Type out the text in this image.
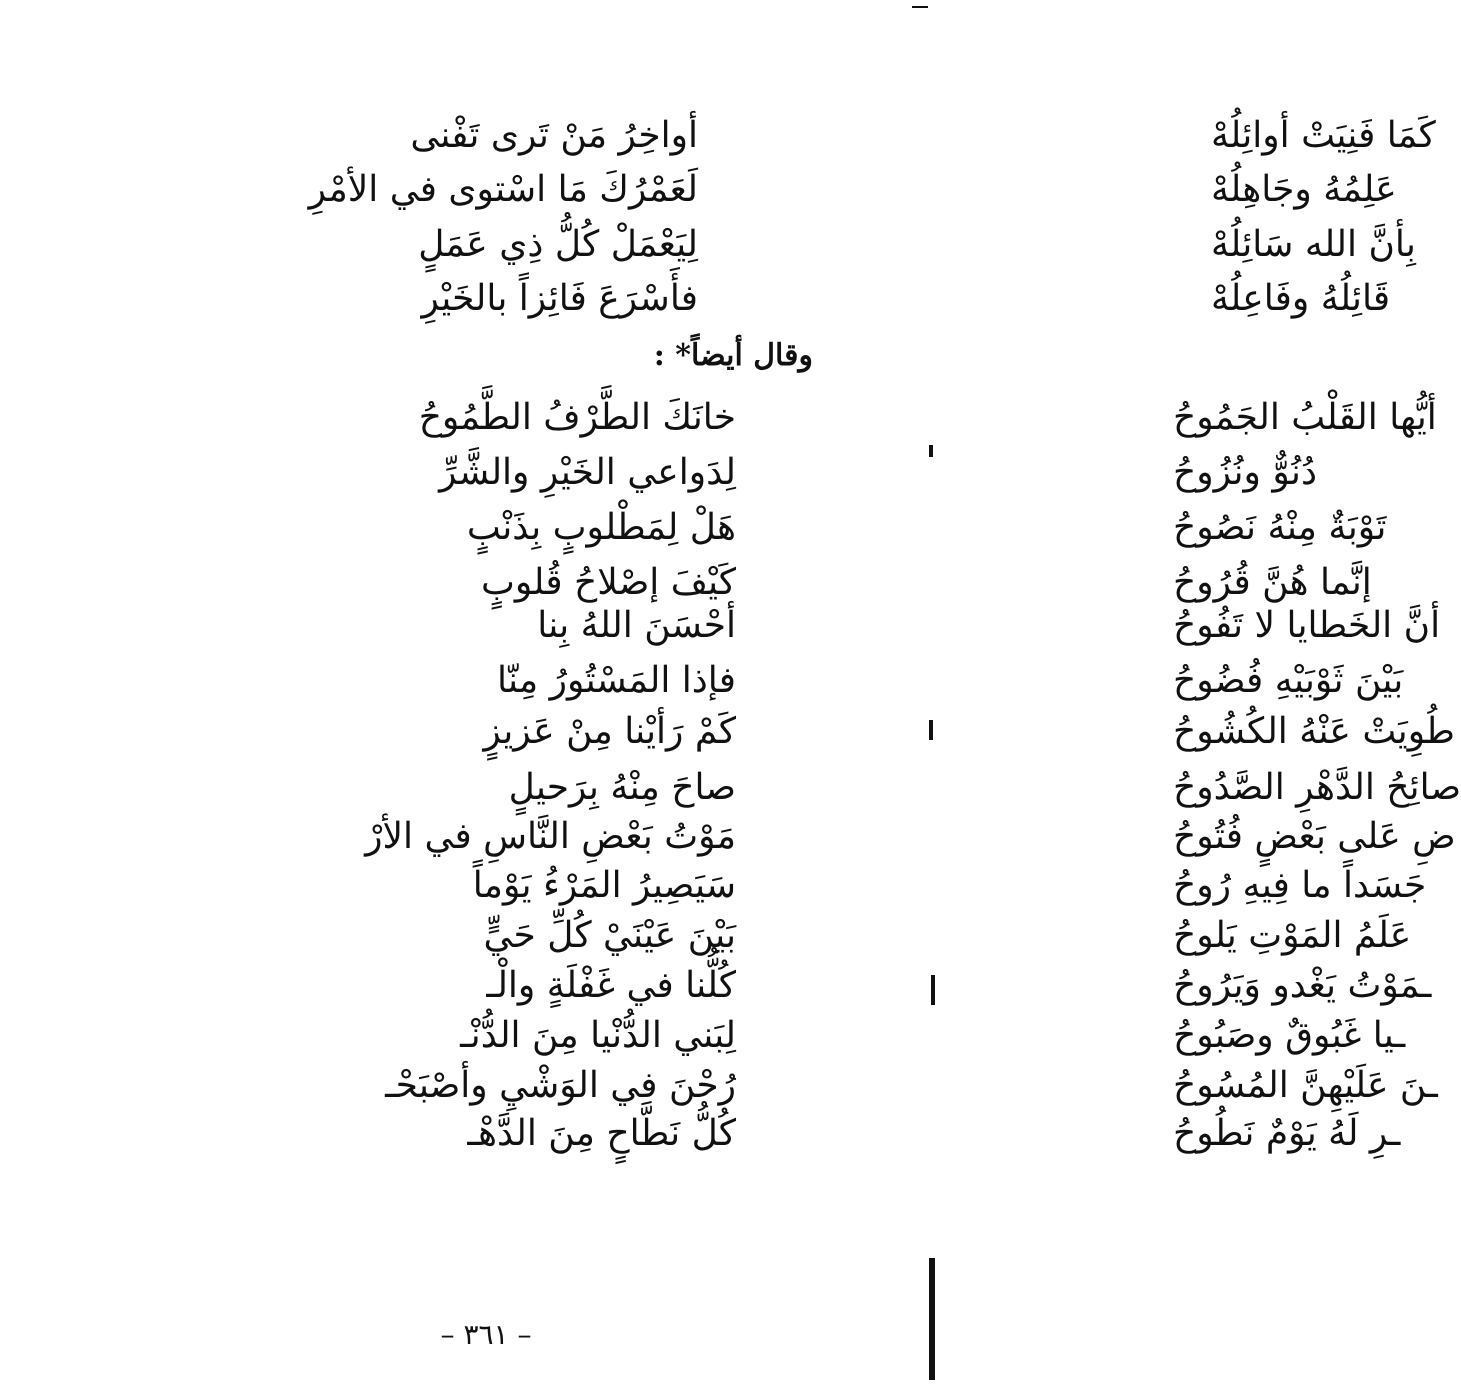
أواخِرُ مَنْ تَرى تَفْنى	كَمَا فَنِيَتْ أوائِلُهْ
لَعَمْرُكَ مَا اسْتوى في الأمْرِ	عَلِمُهُ وجَاهِلُهْ
لِيَعْمَلْ كُلُّ ذِي عَمَلٍ	بِأنَّ الله سَائِلُهْ
فأَسْرَعَ فَائِزاً بالخَيْرِ	قَائِلُهُ وفَاعِلُهْ
وقال أيضاً* :
خانَكَ الطَّرْفُ الطَّمُوحُ	أيُّها القَلْبُ الجَمُوحُ
لِدَواعي الخَيْرِ والشَّرِّ	دُنُوٌّ ونُزُوحُ
هَلْ لِمَطْلوبٍ بِذَنْبٍ	تَوْبَةٌ مِنْهُ نَصُوحُ
كَيْفَ إصْلاحُ قُلوبٍ	إنَّما هُنَّ قُرُوحُ
أحْسَنَ اللهُ بِنا	أنَّ الخَطايا لا تَفُوحُ
فإذا المَسْتُورُ مِنّا	بَيْنَ ثَوْبَيْهِ فُضُوحُ
كَمْ رَأيْنا مِنْ عَزيزٍ	طُوِيَتْ عَنْهُ الكُشُوحُ
صاحَ مِنْهُ بِرَحيلٍ	صائِحُ الدَّهْرِ الصَّدُوحُ
مَوْتُ بَعْضِ النَّاسِ في الأرْ	ضِ عَلى بَعْضٍ فُتُوحُ
سَيَصِيرُ المَرْءُ يَوْماً	جَسَداً ما فِيهِ رُوحُ
بَيْنَ عَيْنَيْ كُلِّ حَيٍّ	عَلَمُ المَوْتِ يَلوحُ
كُلُّنا في غَفْلَةٍ والْـ	ـمَوْتُ يَغْدو وَيَرُوحُ
لِبَني الدُّنْيا مِنَ الدُّنْـ	ـيا غَبُوقٌ وصَبُوحُ
رُحْنَ في الوَشْيِ وأصْبَحْـ	ـنَ عَلَيْهِنَّ المُسُوحُ
كُلُّ نَطَّاحٍ مِنَ الدَّهْـ	ـرِ لَهُ يَوْمٌ نَطُوحُ
– ٣٦١ –
